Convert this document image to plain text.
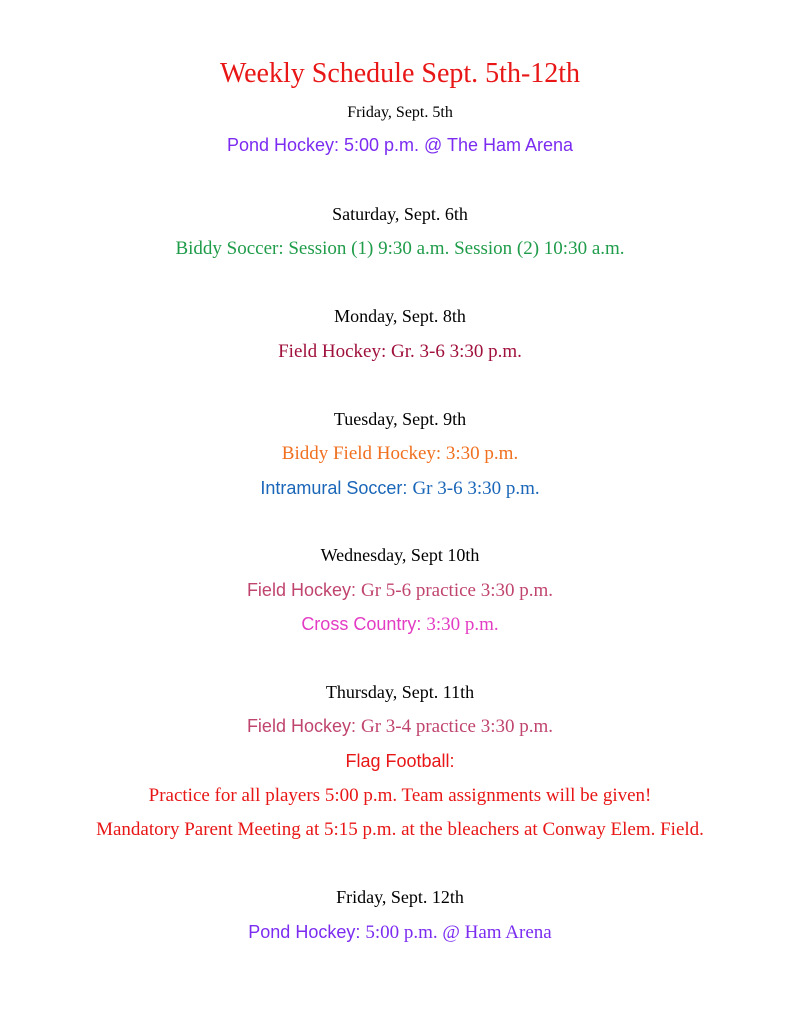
Weekly Schedule Sept. 5th-12th
Friday, Sept. 5th
Pond Hockey: 5:00 p.m. @ The Ham Arena
Saturday, Sept. 6th
Biddy Soccer: Session (1) 9:30 a.m. Session (2) 10:30 a.m.
Monday, Sept. 8th
Field Hockey: Gr. 3-6 3:30 p.m.
Tuesday, Sept. 9th
Biddy Field Hockey: 3:30 p.m.
Intramural Soccer: Gr 3-6 3:30 p.m.
Wednesday, Sept 10th
Field Hockey: Gr 5-6 practice 3:30 p.m.
Cross Country: 3:30 p.m.
Thursday, Sept. 11th
Field Hockey: Gr 3-4 practice 3:30 p.m.
Flag Football:
Practice for all players 5:00 p.m. Team assignments will be given!
Mandatory Parent Meeting at 5:15 p.m. at the bleachers at Conway Elem. Field.
Friday, Sept. 12th
Pond Hockey: 5:00 p.m. @ Ham Arena
